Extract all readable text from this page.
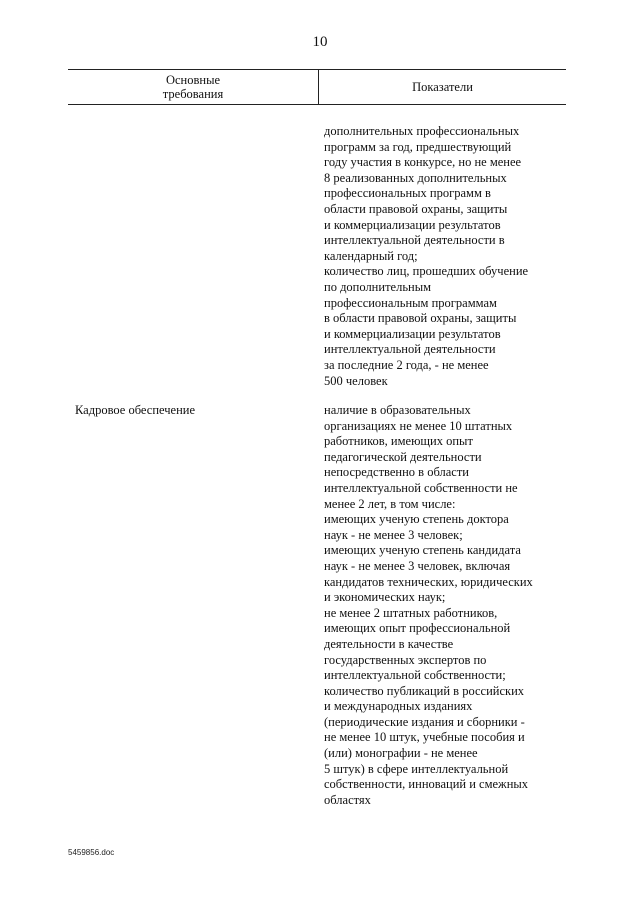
10
Основные
требования	Показатели
дополнительных профессиональных
программ за год, предшествующий
году участия в конкурсе, но не менее
8 реализованных дополнительных
профессиональных программ в
области правовой охраны, защиты
и коммерциализации результатов
интеллектуальной деятельности в
календарный год;
количество лиц, прошедших обучение
по дополнительным
профессиональным программам
в области правовой охраны, защиты
и коммерциализации результатов
интеллектуальной деятельности
за последние 2 года, - не менее
500 человек
Кадровое обеспечение	наличие в образовательных
организациях не менее 10 штатных
работников, имеющих опыт
педагогической деятельности
непосредственно в области
интеллектуальной собственности не
менее 2 лет, в том числе:
имеющих ученую степень доктора
наук - не менее 3 человек;
имеющих ученую степень кандидата
наук - не менее 3 человек, включая
кандидатов технических, юридических
и экономических наук;
не менее 2 штатных работников,
имеющих опыт профессиональной
деятельности в качестве
государственных экспертов по
интеллектуальной собственности;
количество публикаций в российских
и международных изданиях
(периодические издания и сборники -
не менее 10 штук, учебные пособия и
(или) монографии - не менее
5 штук) в сфере интеллектуальной
собственности, инноваций и смежных
областях
5459856.doc
